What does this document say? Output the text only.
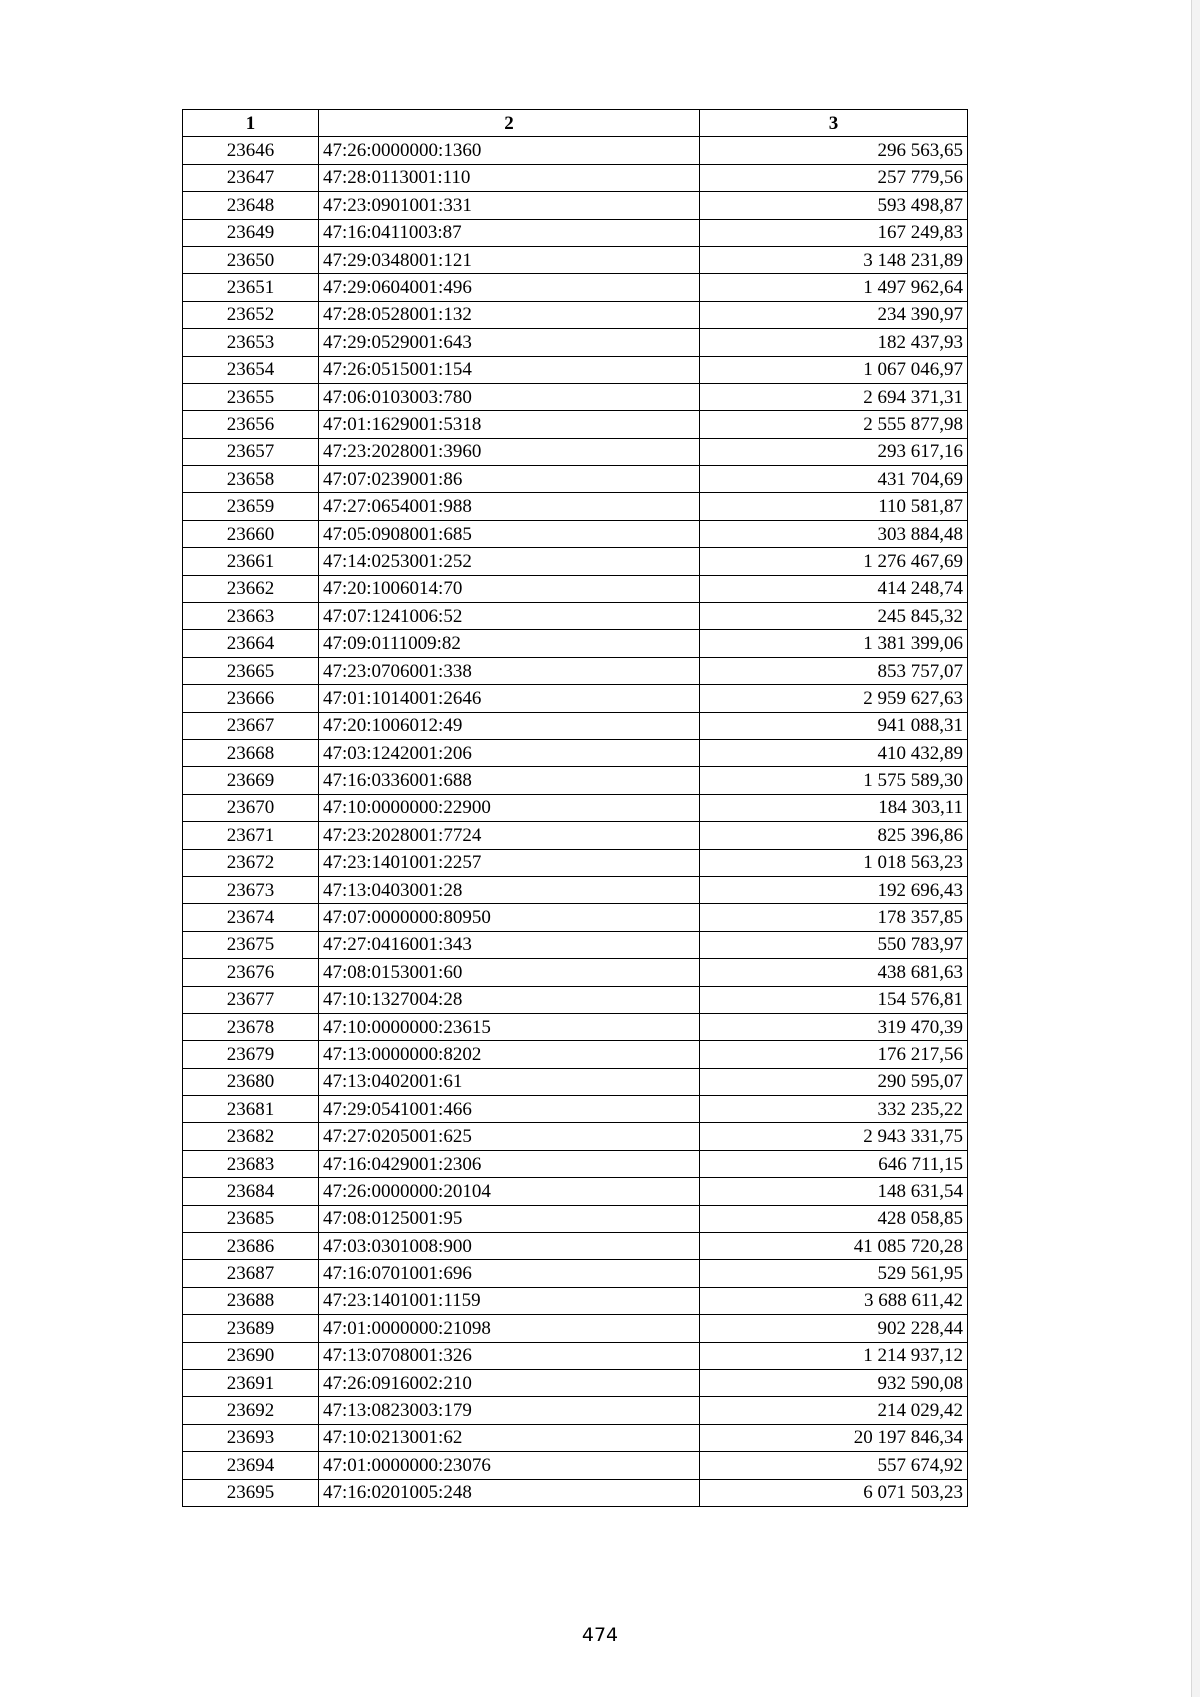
1	2	3
23646	47:26:0000000:1360	296 563,65
23647	47:28:0113001:110	257 779,56
23648	47:23:0901001:331	593 498,87
23649	47:16:0411003:87	167 249,83
23650	47:29:0348001:121	3 148 231,89
23651	47:29:0604001:496	1 497 962,64
23652	47:28:0528001:132	234 390,97
23653	47:29:0529001:643	182 437,93
23654	47:26:0515001:154	1 067 046,97
23655	47:06:0103003:780	2 694 371,31
23656	47:01:1629001:5318	2 555 877,98
23657	47:23:2028001:3960	293 617,16
23658	47:07:0239001:86	431 704,69
23659	47:27:0654001:988	110 581,87
23660	47:05:0908001:685	303 884,48
23661	47:14:0253001:252	1 276 467,69
23662	47:20:1006014:70	414 248,74
23663	47:07:1241006:52	245 845,32
23664	47:09:0111009:82	1 381 399,06
23665	47:23:0706001:338	853 757,07
23666	47:01:1014001:2646	2 959 627,63
23667	47:20:1006012:49	941 088,31
23668	47:03:1242001:206	410 432,89
23669	47:16:0336001:688	1 575 589,30
23670	47:10:0000000:22900	184 303,11
23671	47:23:2028001:7724	825 396,86
23672	47:23:1401001:2257	1 018 563,23
23673	47:13:0403001:28	192 696,43
23674	47:07:0000000:80950	178 357,85
23675	47:27:0416001:343	550 783,97
23676	47:08:0153001:60	438 681,63
23677	47:10:1327004:28	154 576,81
23678	47:10:0000000:23615	319 470,39
23679	47:13:0000000:8202	176 217,56
23680	47:13:0402001:61	290 595,07
23681	47:29:0541001:466	332 235,22
23682	47:27:0205001:625	2 943 331,75
23683	47:16:0429001:2306	646 711,15
23684	47:26:0000000:20104	148 631,54
23685	47:08:0125001:95	428 058,85
23686	47:03:0301008:900	41 085 720,28
23687	47:16:0701001:696	529 561,95
23688	47:23:1401001:1159	3 688 611,42
23689	47:01:0000000:21098	902 228,44
23690	47:13:0708001:326	1 214 937,12
23691	47:26:0916002:210	932 590,08
23692	47:13:0823003:179	214 029,42
23693	47:10:0213001:62	20 197 846,34
23694	47:01:0000000:23076	557 674,92
23695	47:16:0201005:248	6 071 503,23
474
